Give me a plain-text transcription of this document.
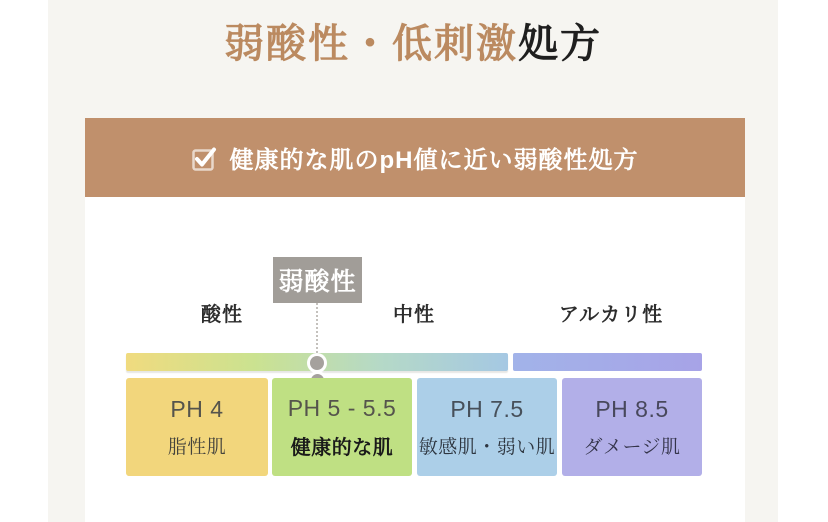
弱酸性・低刺激処方
健康的な肌のpH値に近い弱酸性処方
弱酸性
酸性	中性	アルカリ性
PH 4
脂性肌
PH 5 - 5.5
健康的な肌
PH 7.5
敏感肌・弱い肌
PH 8.5
ダメージ肌
